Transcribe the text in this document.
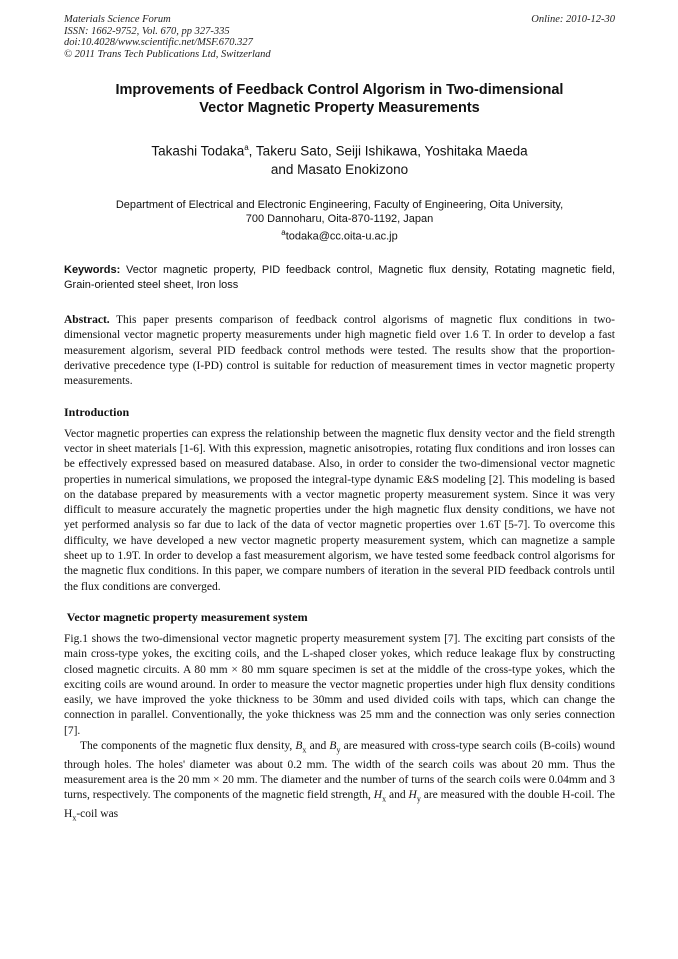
Materials Science Forum
ISSN: 1662-9752, Vol. 670, pp 327-335
doi:10.4028/www.scientific.net/MSF.670.327
© 2011 Trans Tech Publications Ltd, Switzerland
Online: 2010-12-30
Improvements of Feedback Control Algorism in Two-dimensional
Vector Magnetic Property Measurements
Takashi Todaka$^a$, Takeru Sato, Seiji Ishikawa, Yoshitaka Maeda
and Masato Enokizono
Department of Electrical and Electronic Engineering, Faculty of Engineering, Oita University,
700 Dannoharu, Oita-870-1192, Japan
$^a$todaka@cc.oita-u.ac.jp
Keywords: Vector magnetic property, PID feedback control, Magnetic flux density, Rotating magnetic field, Grain-oriented steel sheet, Iron loss
Abstract. This paper presents comparison of feedback control algorisms of magnetic flux conditions in two-dimensional vector magnetic property measurements under high magnetic field over 1.6 T. In order to develop a fast measurement algorism, several PID feedback control methods were tested. The results show that the proportion-derivative precedence type (I-PD) control is suitable for reduction of measurement times in vector magnetic property measurements.
Introduction

Vector magnetic properties can express the relationship between the magnetic flux density vector and the field strength vector in sheet materials [1-6]. With this expression, magnetic anisotropies, rotating flux conditions and iron losses can be effectively expressed based on measured database. Also, in order to consider the two-dimensional vector magnetic properties in numerical simulations, we proposed the integral-type dynamic E&S modeling [2]. This modeling is based on the database prepared by measurements with a vector magnetic property measurement system. Since it was very difficult to measure accurately the magnetic properties under the high magnetic flux density conditions, we have not yet performed analysis so far due to lack of the data of vector magnetic properties over 1.6T [5-7]. To overcome this difficulty, we have developed a new vector magnetic property measurement system, which can magnetize a sample sheet up to 1.9T. In order to develop a fast measurement algorism, we have tested some feedback control algorisms for the magnetic flux conditions. In this paper, we compare numbers of iteration in the several PID feedback controls until the flux conditions are converged.

Vector magnetic property measurement system

Fig.1 shows the two-dimensional vector magnetic property measurement system [7]. The exciting part consists of the main cross-type yokes, the exciting coils, and the L-shaped closer yokes, which reduce leakage flux by constructing closed magnetic circuits. A 80 mm × 80 mm square specimen is set at the middle of the cross-type yokes, which the exciting coils are wound around. In order to measure the vector magnetic properties under high flux density conditions easily, we have improved the yoke thickness to be 30mm and used divided coils with taps, which can change the connection in parallel. Conventionally, the yoke thickness was 25 mm and the connection was only series connection [7].

The components of the magnetic flux density, $B_x$ and $B_y$ are measured with cross-type search coils (B-coils) wound through holes. The holes' diameter was about 0.2 mm. The width of the search coils was about 20 mm. Thus the measurement area is the 20 mm × 20 mm. The diameter and the number of turns of the search coils were 0.04mm and 3 turns, respectively. The components of the magnetic field strength, $H_x$ and $H_y$ are measured with the double H-coil. The $H_x$-coil was
